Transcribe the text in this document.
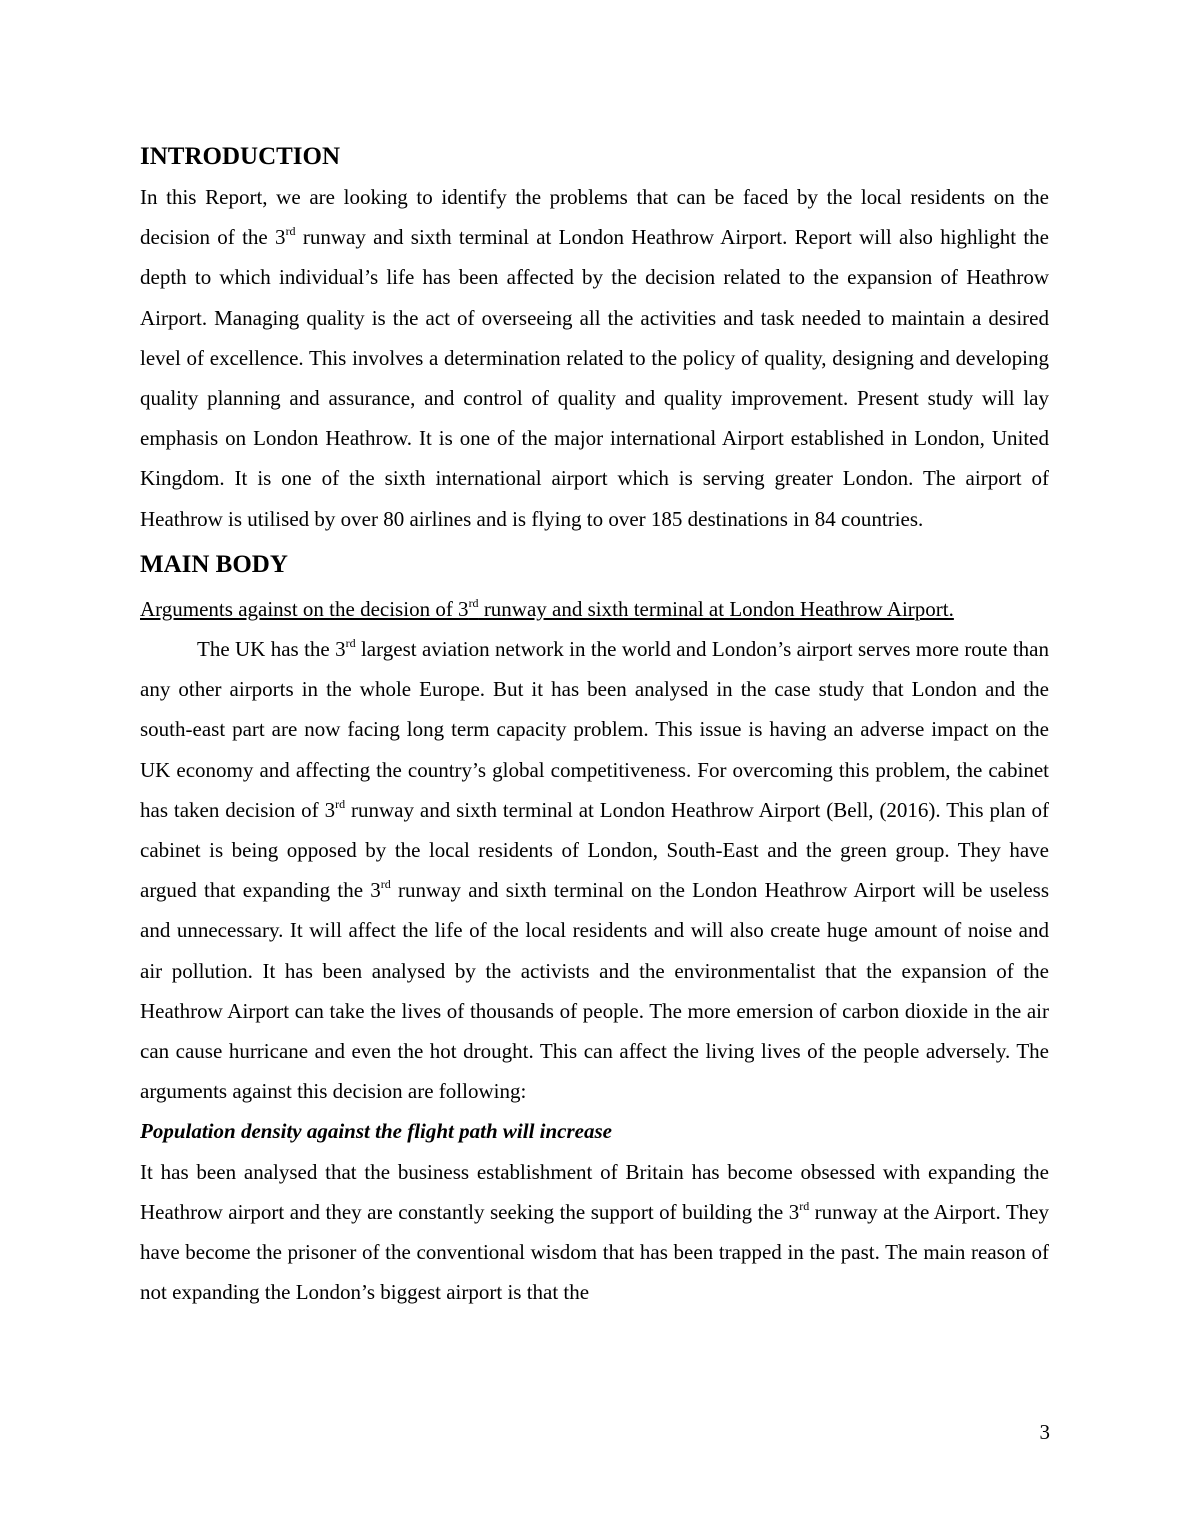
INTRODUCTION

In this Report, we are looking to identify the problems that can be faced by the local residents on the decision of the 3rd runway and sixth terminal at London Heathrow Airport. Report will also highlight the depth to which individual’s life has been affected by the decision related to the expansion of Heathrow Airport. Managing quality is the act of overseeing all the activities and task needed to maintain a desired level of excellence. This involves a determination related to the policy of quality, designing and developing quality planning and assurance, and control of quality and quality improvement. Present study will lay emphasis on London Heathrow. It is one of the major international Airport established in London, United Kingdom. It is one of the sixth international airport which is serving greater London. The airport of Heathrow is utilised by over 80 airlines and is flying to over 185 destinations in 84 countries.

MAIN BODY

Arguments against on the decision of 3rd runway and sixth terminal at London Heathrow Airport.

The UK has the 3rd largest aviation network in the world and London’s airport serves more route than any other airports in the whole Europe. But it has been analysed in the case study that London and the south-east part are now facing long term capacity problem. This issue is having an adverse impact on the UK economy and affecting the country’s global competitiveness. For overcoming this problem, the cabinet has taken decision of 3rd runway and sixth terminal at London Heathrow Airport (Bell, (2016). This plan of cabinet is being opposed by the local residents of London, South-East and the green group. They have argued that expanding the 3rd runway and sixth terminal on the London Heathrow Airport will be useless and unnecessary. It will affect the life of the local residents and will also create huge amount of noise and air pollution. It has been analysed by the activists and the environmentalist that the expansion of the Heathrow Airport can take the lives of thousands of people. The more emersion of carbon dioxide in the air can cause hurricane and even the hot drought. This can affect the living lives of the people adversely. The arguments against this decision are following:

Population density against the flight path will increase

It has been analysed that the business establishment of Britain has become obsessed with expanding the Heathrow airport and they are constantly seeking the support of building the 3rd runway at the Airport. They have become the prisoner of the conventional wisdom that has been trapped in the past. The main reason of not expanding the London’s biggest airport is that the

3
